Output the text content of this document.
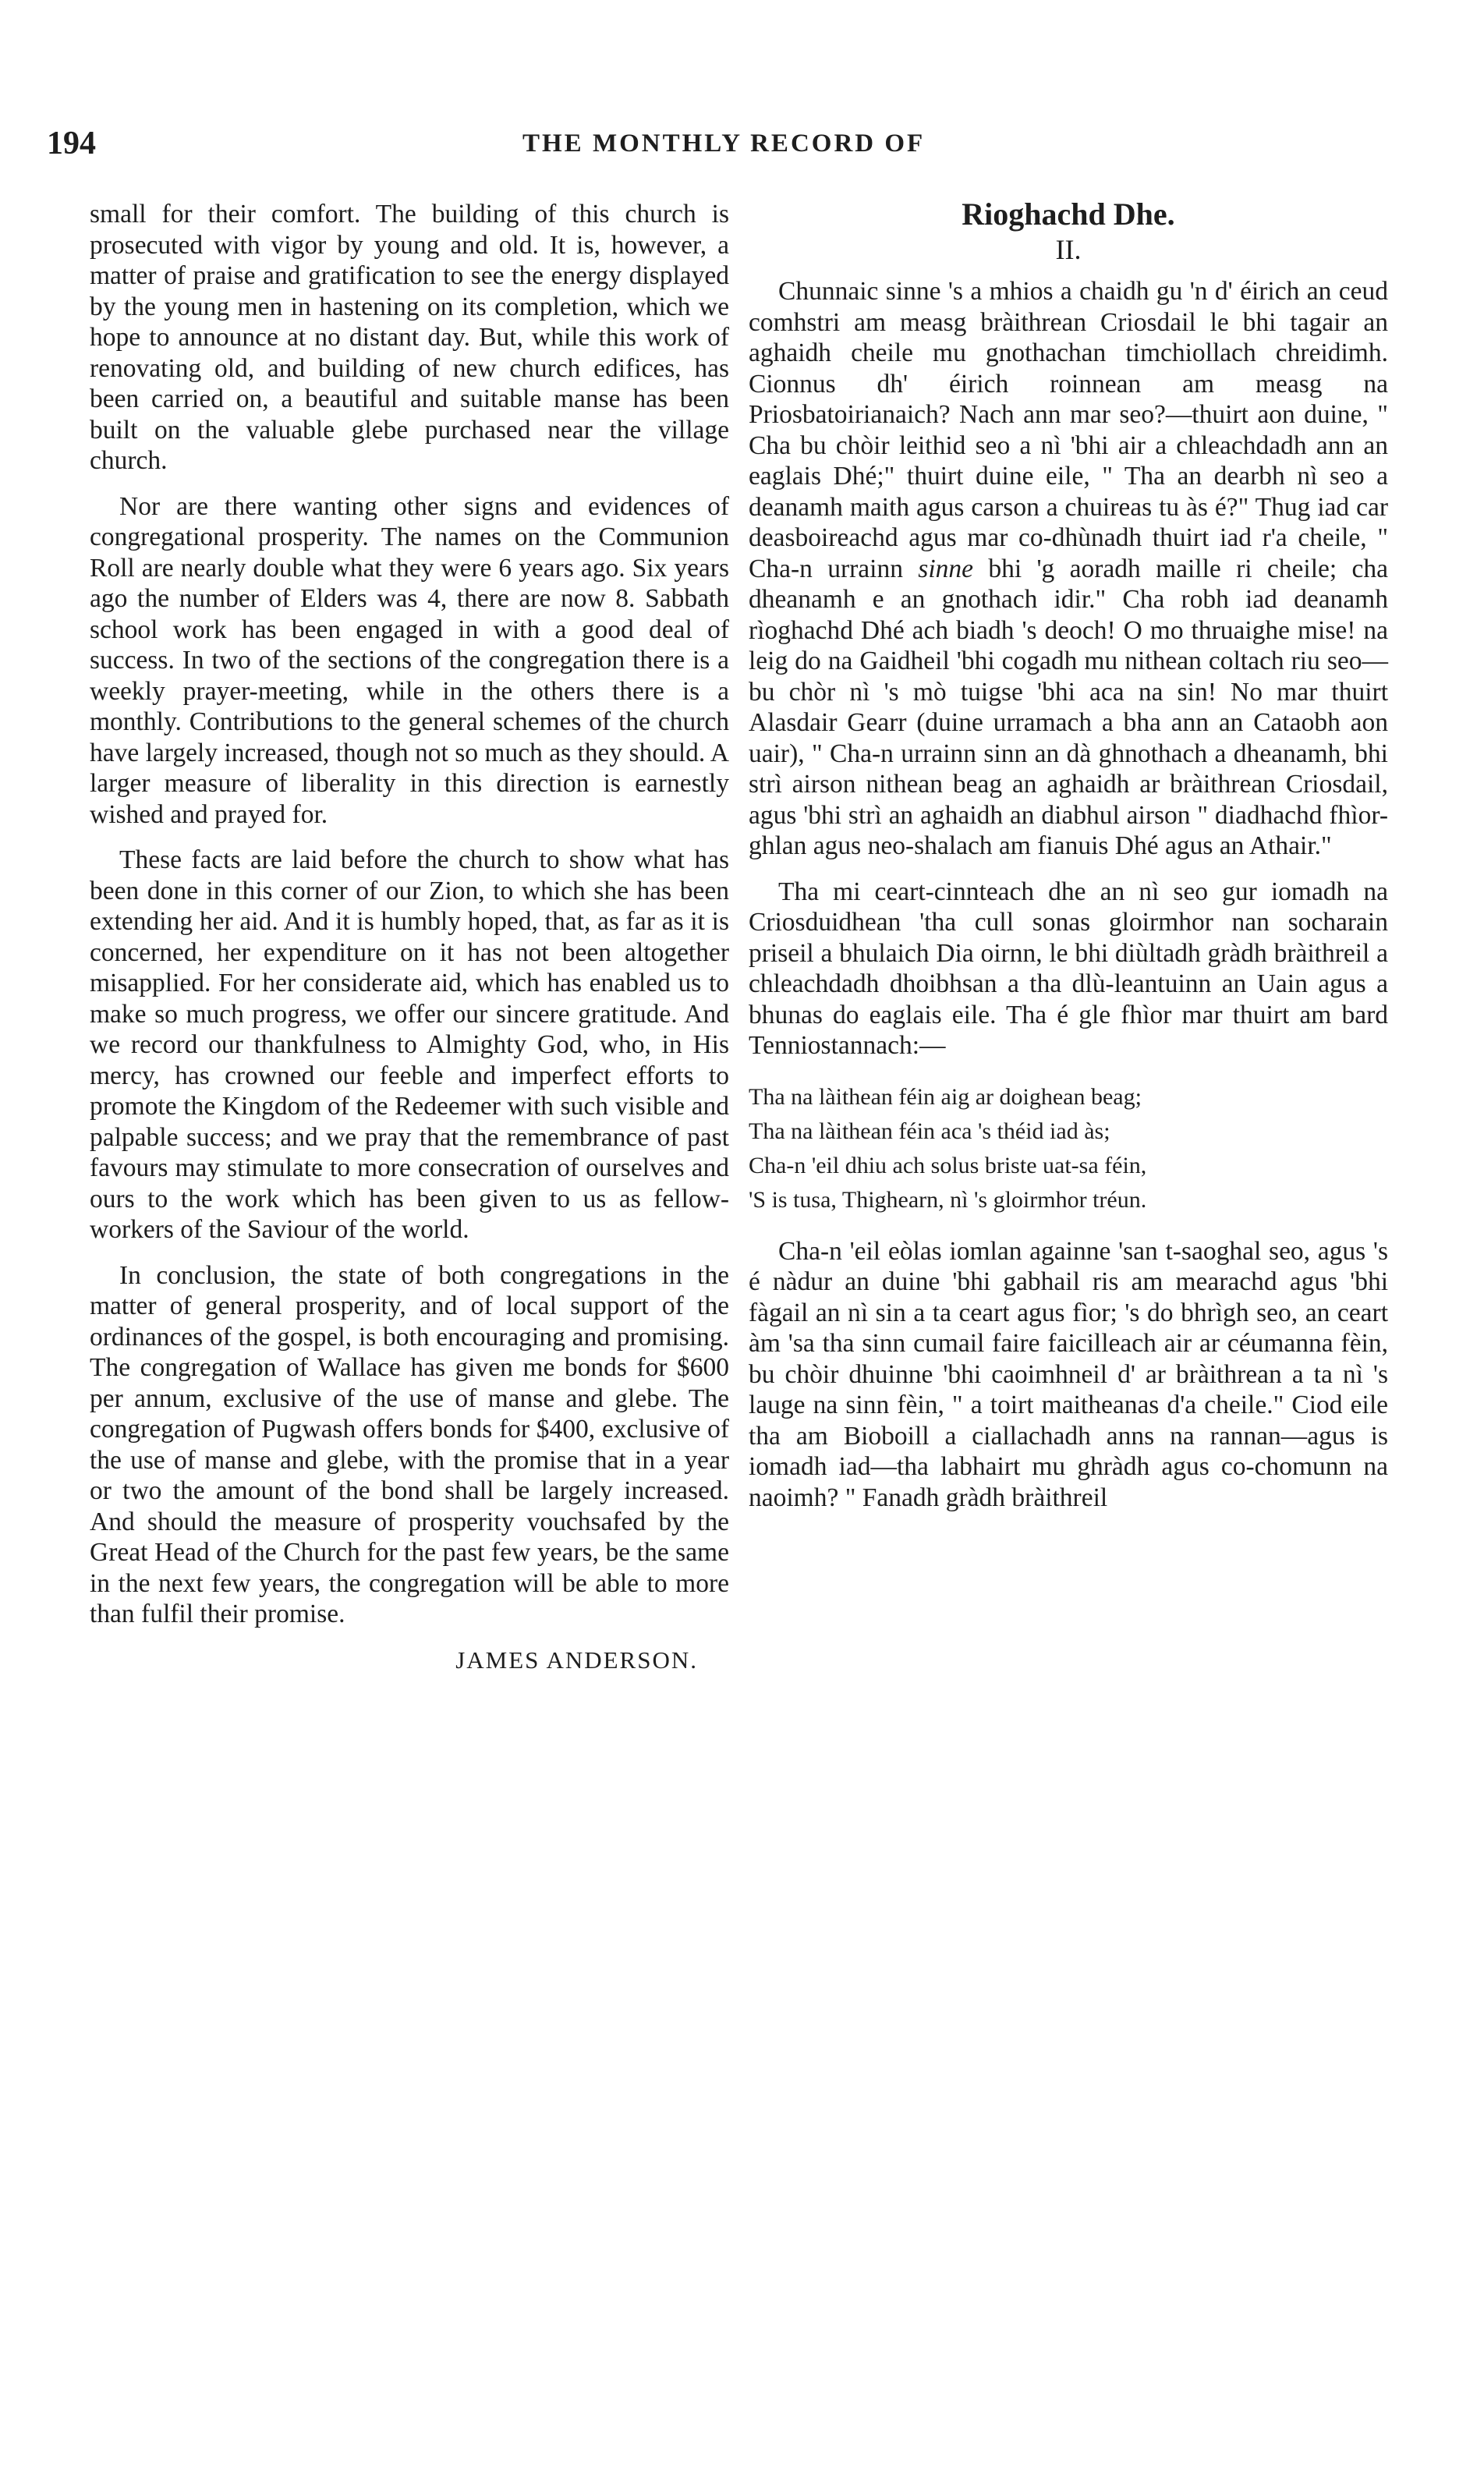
194	THE MONTHLY RECORD OF

small for their comfort. The building of this church is prosecuted with vigor by young and old. It is, however, a matter of praise and gratification to see the energy displayed by the young men in hastening on its completion, which we hope to announce at no distant day. But, while this work of renovating old, and building of new church edifices, has been carried on, a beautiful and suitable manse has been built on the valuable glebe purchased near the village church.

Nor are there wanting other signs and evidences of congregational prosperity. The names on the Communion Roll are nearly double what they were 6 years ago. Six years ago the number of Elders was 4, there are now 8. Sabbath school work has been engaged in with a good deal of success. In two of the sections of the congregation there is a weekly prayer-meeting, while in the others there is a monthly. Contributions to the general schemes of the church have largely increased, though not so much as they should. A larger measure of liberality in this direction is earnestly wished and prayed for.

These facts are laid before the church to show what has been done in this corner of our Zion, to which she has been extending her aid. And it is humbly hoped, that, as far as it is concerned, her expenditure on it has not been altogether misapplied. For her considerate aid, which has enabled us to make so much progress, we offer our sincere gratitude. And we record our thankfulness to Almighty God, who, in His mercy, has crowned our feeble and imperfect efforts to promote the Kingdom of the Redeemer with such visible and palpable success; and we pray that the remembrance of past favours may stimulate to more consecration of ourselves and ours to the work which has been given to us as fellow-workers of the Saviour of the world.

In conclusion, the state of both congregations in the matter of general prosperity, and of local support of the ordinances of the gospel, is both encouraging and promising. The congregation of Wallace has given me bonds for $600 per annum, exclusive of the use of manse and glebe. The congregation of Pugwash offers bonds for $400, exclusive of the use of manse and glebe, with the promise that in a year or two the amount of the bond shall be largely increased. And should the measure of prosperity vouchsafed by the Great Head of the Church for the past few years, be the same in the next few years, the congregation will be able to more than fulfil their promise.

JAMES ANDERSON.
Rioghachd Dhe.
II.

Chunnaic sinne 's a mhios a chaidh gu 'n d' éirich an ceud comhstri am measg bràithrean Criosdail le bhi tagair an aghaidh cheile mu gnothachan timchiollach chreidimh. Cionnus dh' éirich roinnean am measg na Priosbatoirianaich? Nach ann mar seo?—thuirt aon duine, " Cha bu chòir leithid seo a nì 'bhi air a chleachdadh ann an eaglais Dhé;" thuirt duine eile, " Tha an dearbh nì seo a deanamh maith agus carson a chuireas tu às é?" Thug iad car deasboireachd agus mar co-dhùnadh thuirt iad r'a cheile, " Cha-n urrainn sinne bhi 'g aoradh maille ri cheile; cha dheanamh e an gnothach idir." Cha robh iad deanamh rìoghachd Dhé ach biadh 's deoch! O mo thruaighe mise! na leig do na Gaidheil 'bhi cogadh mu nithean coltach riu seo—bu chòr nì 's mò tuigse 'bhi aca na sin! No mar thuirt Alasdair Gearr (duine urramach a bha ann an Cataobh aon uair), " Cha-n urrainn sinn an dà ghnothach a dheanamh, bhi strì airson nithean beag an aghaidh ar bràithrean Criosdail, agus 'bhi strì an aghaidh an diabhul airson " diadhachd fhìor-ghlan agus neo-shalach am fianuis Dhé agus an Athair."

Tha mi ceart-cinnteach dhe an nì seo gur iomadh na Criosduidhean 'tha cull sonas gloirmhor nan socharain priseil a bhulaich Dia oirnn, le bhi diùltadh gràdh bràithreil a chleachdadh dhoibhsan a tha dlù-leantuinn an Uain agus a bhunas do eaglais eile. Tha é gle fhìor mar thuirt am bard Tenniostannach:—

Tha na làithean féin aig ar doighean beag;
Tha na làithean féin aca 's théid iad às;
Cha-n 'eil dhiu ach solus briste uat-sa féin,
'S is tusa, Thighearn, nì 's gloirmhor tréun.

Cha-n 'eil eòlas iomlan againne 'san t-saoghal seo, agus 's é nàdur an duine 'bhi gabhail ris am mearachd agus 'bhi fàgail an nì sin a ta ceart agus fìor; 's do bhrìgh seo, an ceart àm 'sa tha sinn cumail faire faicilleach air ar céumanna fèin, bu chòir dhuinne 'bhi caoimhneil d' ar bràithrean a ta nì 's lauge na sinn fèin, " a toirt maitheanas d'a cheile." Ciod eile tha am Bioboill a ciallachadh anns na rannan—agus is iomadh iad—tha labhairt mu ghràdh agus co-chomunn na naoimh? " Fanadh gràdh bràithreil
